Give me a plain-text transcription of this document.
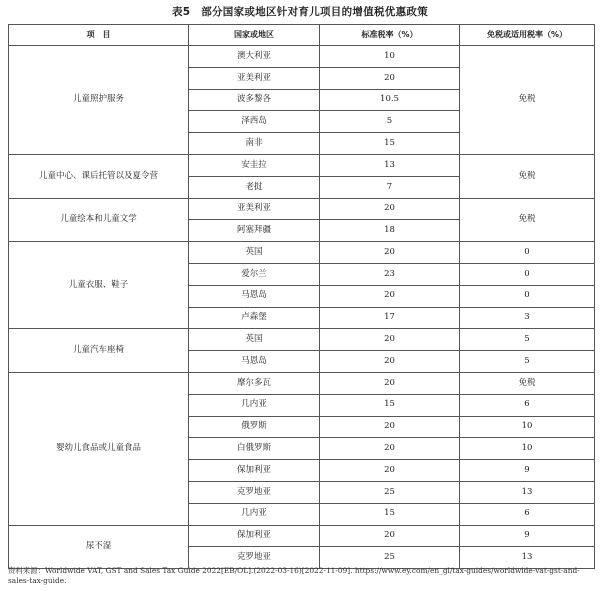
表5　部分国家或地区针对育儿项目的增值税优惠政策
项　目	国家或地区	标准税率（%）	免税或适用税率（%）
儿童照护服务	澳大利亚	10	免税
	亚美利亚	20	
	波多黎各	10.5	
	泽西岛	5	
	南非	15	
儿童中心、课后托管以及夏令营	安圭拉	13	免税
	老挝	7	
儿童绘本和儿童文学	亚美利亚	20	免税
	阿塞拜疆	18	
儿童衣服、鞋子	英国	20	0
	爱尔兰	23	0
	马恩岛	20	0
	卢森堡	17	3
儿童汽车座椅	英国	20	5
	马恩岛	20	5
婴幼儿食品或儿童食品	摩尔多瓦	20	免税
	几内亚	15	6
	俄罗斯	20	10
	白俄罗斯	20	10
	保加利亚	20	9
	克罗地亚	25	13
	几内亚	15	6
尿不湿	保加利亚	20	9
	克罗地亚	25	13
资料来源：Worldwide VAT, GST and Sales Tax Guide 2022[EB/OL].(2022-03-16)[2022-11-09]. https://www.ey.com/en_gl/tax-guides/worldwide-vat-gst-and-sales-tax-guide.
